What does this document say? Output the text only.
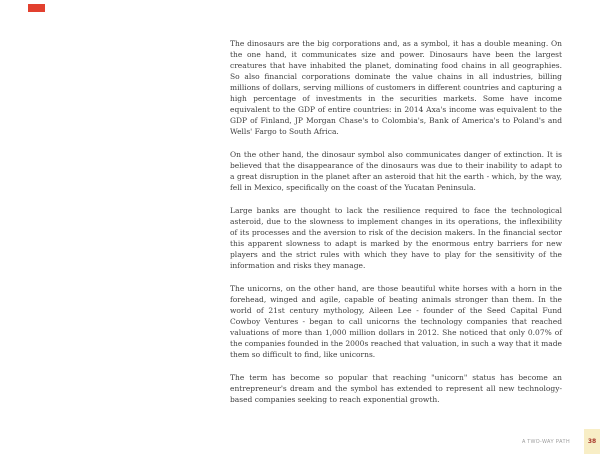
The dinosaurs are the big corporations and, as a symbol, it has a double meaning. On the one hand, it communicates size and power. Dinosaurs have been the largest creatures that have inhabited the planet, dominating food chains in all geographies. So also financial corporations dominate the value chains in all industries, billing millions of dollars, serving millions of customers in different countries and capturing a high percentage of investments in the securities markets. Some have income equivalent to the GDP of entire countries: in 2014 Axa's income was equivalent to the GDP of Finland, JP Morgan Chase's to Colombia's, Bank of America's to Poland's and Wells' Fargo to South Africa.

On the other hand, the dinosaur symbol also communicates danger of extinction. It is believed that the disappearance of the dinosaurs was due to their inability to adapt to a great disruption in the planet after an asteroid that hit the earth - which, by the way, fell in Mexico, specifically on the coast of the Yucatan Peninsula.

Large banks are thought to lack the resilience required to face the technological asteroid, due to the slowness to implement changes in its operations, the inflexibility of its processes and the aversion to risk of the decision makers. In the financial sector this apparent slowness to adapt is marked by the enormous entry barriers for new players and the strict rules with which they have to play for the sensitivity of the information and risks they manage.

The unicorns, on the other hand, are those beautiful white horses with a horn in the forehead, winged and agile, capable of beating animals stronger than them. In the world of 21st century mythology, Aileen Lee - founder of the Seed Capital Fund Cowboy Ventures - began to call unicorns the technology companies that reached valuations of more than 1,000 million dollars in 2012. She noticed that only 0.07% of the companies founded in the 2000s reached that valuation, in such a way that it made them so difficult to find, like unicorns.

The term has become so popular that reaching "unicorn" status has become an entrepreneur's dream and the symbol has extended to represent all new technology-based companies seeking to reach exponential growth.

A TWO-WAY PATH	38
